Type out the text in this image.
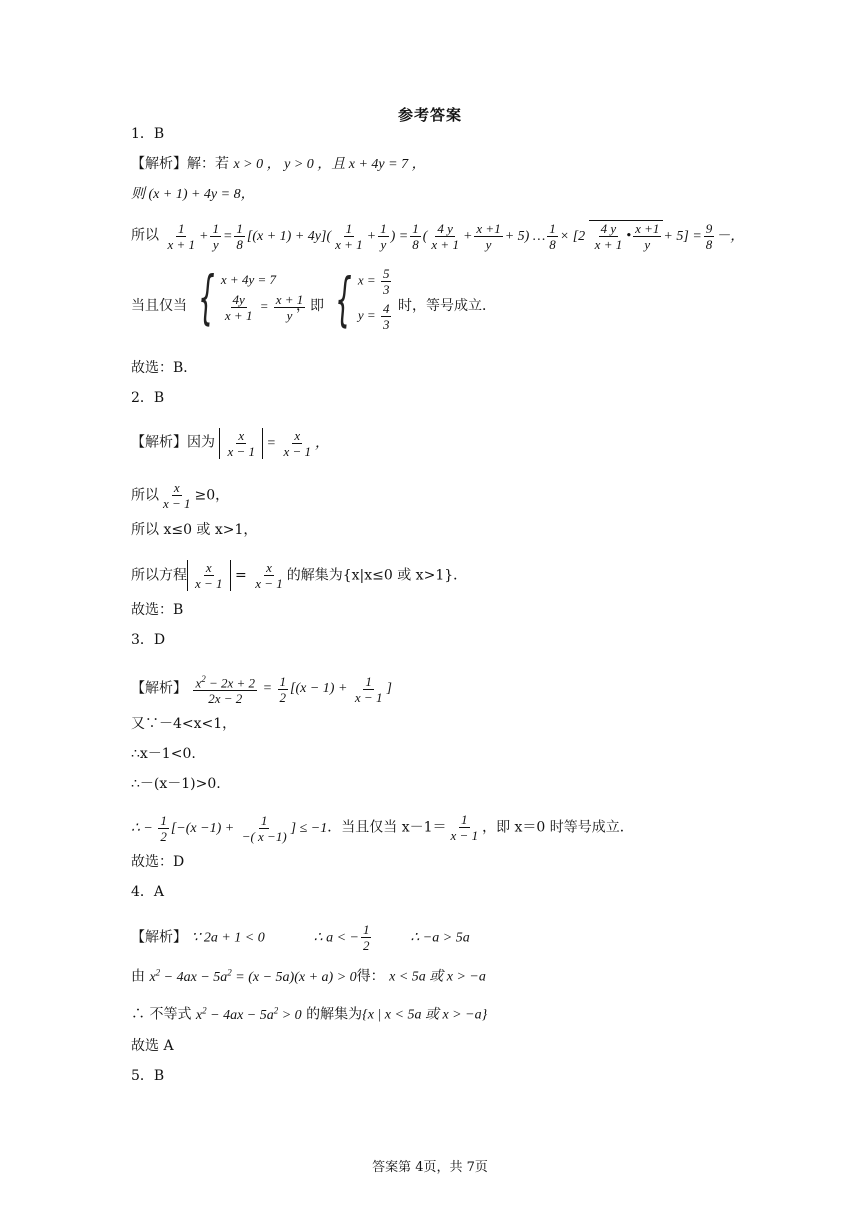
参考答案
1．B
【解析】解：若 x > 0 ， y > 0 ，且 x + 4y = 7 ，
则 (x + 1) + 4y = 8，
所以 $\frac{1}{x + 1} + \frac{1}{y} = \frac{1}{8} [(x + 1) + 4y]( \frac{1}{x + 1} + \frac{1}{y}$ ) = $\frac{1}{8}$ ( $\frac{4 y}{x + 1} + \frac{x +1}{y} + 5$) … $\frac{1}{8} \times [2 \frac{4 y}{x + 1}$ • $\frac{x +1}{y} + 5] = \frac{9}{8}$ －，
当且仅当 { x + 4y = 7
$\frac{4y}{x + 1} = \frac{x + 1}{y}$
，即 { $x = \frac{5}{3}$
$y = \frac{4}{3}$ 时，等号成立．
故选：B．
2．B
【解析】因为 $\frac{x}{x - 1} = \frac{x}{x - 1}$ ，
所以 $\frac{x}{x - 1} \ge 0$，
所以 x≤0 或 x>1，
所以方程 $\frac{x}{x - 1} = \frac{x}{x - 1}$ 的解集为{x|x≤0 或 x>1}．
故选：B
3．D
【解析】 $\frac{x^2 - 2x + 2}{2x - 2} = \frac{1}{2} [(x - 1) + \frac{1}{x - 1}$ ]
又∵－4<x<1，
∴x－1<0.
∴－(x－1)>0.
∴ − $\frac{1}{2} [-(x -1) + \frac{1}{-( x -1)}$ ] ≤ −1．当且仅当 $x-1= \frac{1}{x - 1}$ ，即 x＝0 时等号成立．
故选：D
4．A
【解析】 ∵ 2a + 1 < 0	∴ a < − $\frac{1}{2}$	∴ −a > 5a
由 $x^2 - 4ax - 5a^2 = (x - 5a)(x + a) > 0$得： x < 5a 或 x > −a
∴ 不等式 $x^2 - 4ax - 5a^2 > 0$ 的解集为{x | x < 5a 或 x > −a}
故选 A
5．B
答案第 4页，共 7页
